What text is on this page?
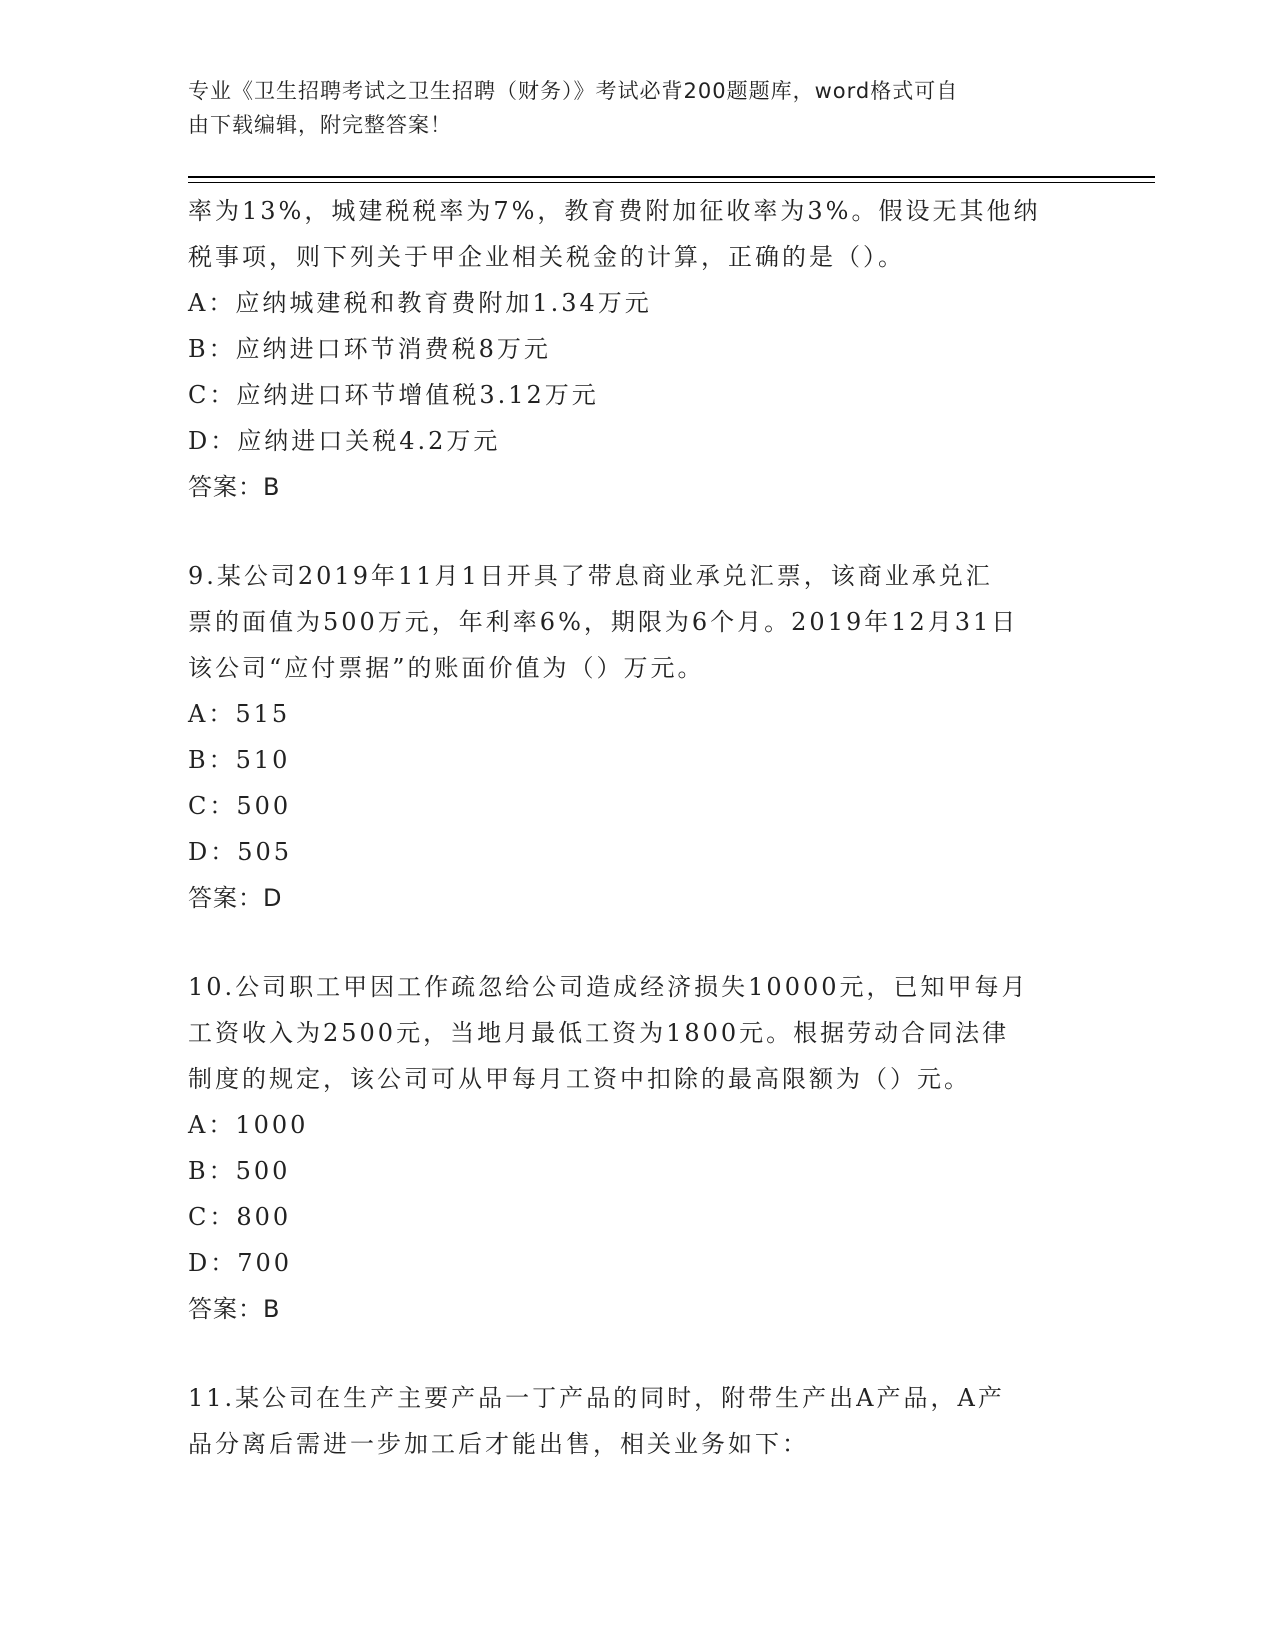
专业《卫生招聘考试之卫生招聘（财务）》考试必背200题题库，word格式可自
由下载编辑，附完整答案！
率为13%，城建税税率为7%，教育费附加征收率为3%。假设无其他纳
税事项，则下列关于甲企业相关税金的计算，正确的是（）。
A：应纳城建税和教育费附加1.34万元
B：应纳进口环节消费税8万元
C：应纳进口环节增值税3.12万元
D：应纳进口关税4.2万元
答案：B
9.某公司2019年11月1日开具了带息商业承兑汇票，该商业承兑汇
票的面值为500万元，年利率6%，期限为6个月。2019年12月31日
该公司“应付票据”的账面价值为（）万元。
A：515
B：510
C：500
D：505
答案：D
10.公司职工甲因工作疏忽给公司造成经济损失10000元，已知甲每月
工资收入为2500元，当地月最低工资为1800元。根据劳动合同法律
制度的规定，该公司可从甲每月工资中扣除的最高限额为（）元。
A：1000
B：500
C：800
D：700
答案：B
11.某公司在生产主要产品一丁产品的同时，附带生产出A产品，A产
品分离后需进一步加工后才能出售，相关业务如下：
